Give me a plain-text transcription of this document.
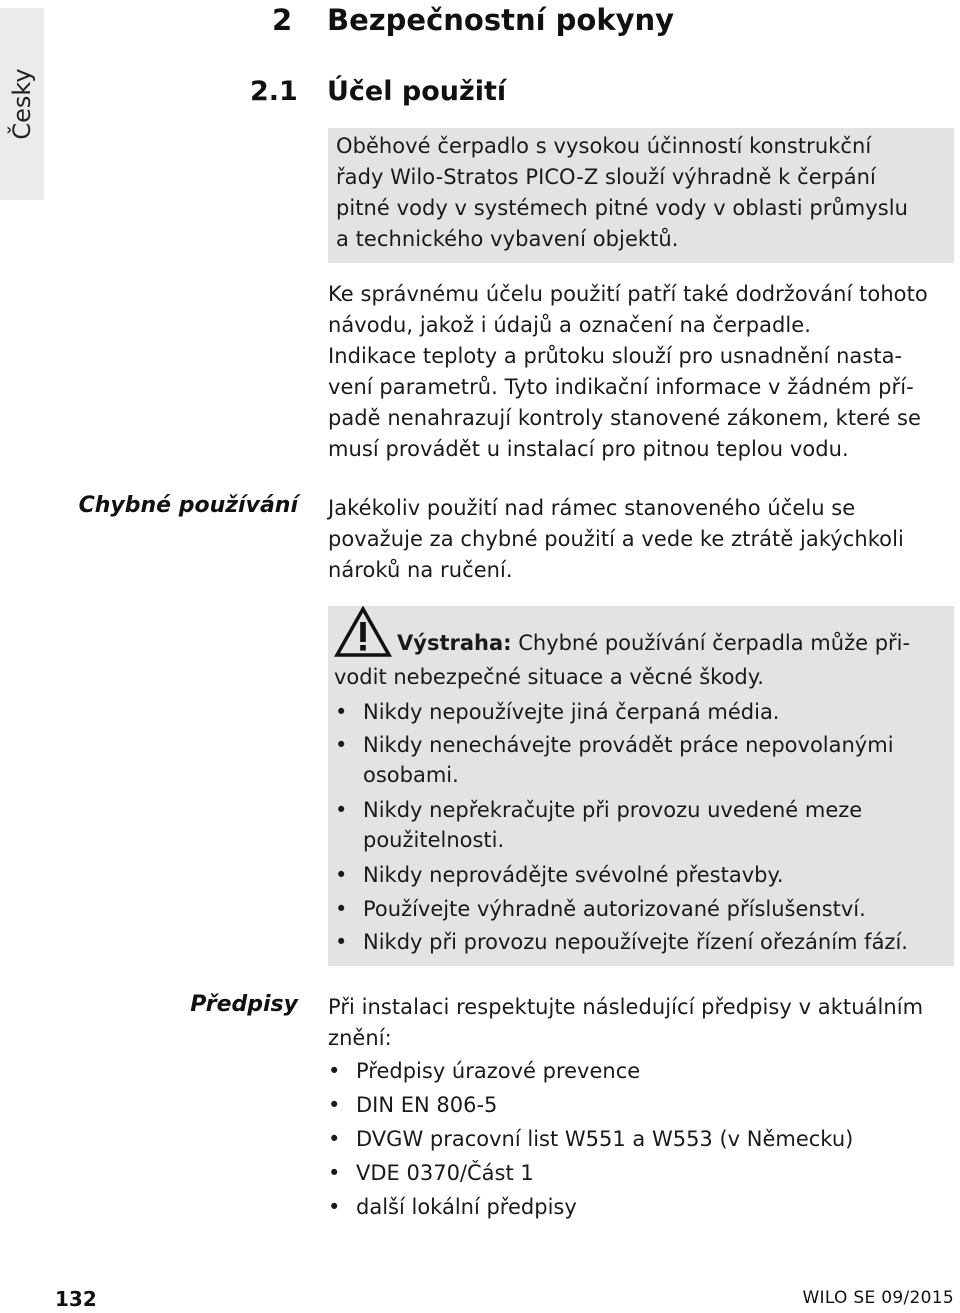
Česky
2 Bezpečnostní pokyny
2.1 Účel použití
Oběhové čerpadlo s vysokou účinností konstrukční
řady Wilo-Stratos PICO-Z slouží výhradně k čerpání
pitné vody v systémech pitné vody v oblasti průmyslu
a technického vybavení objektů.
Ke správnému účelu použití patří také dodržování tohoto
návodu, jakož i údajů a označení na čerpadle.
Indikace teploty a průtoku slouží pro usnadnění nasta-
vení parametrů. Tyto indikační informace v žádném pří-
padě nenahrazují kontroly stanovené zákonem, které se
musí provádět u instalací pro pitnou teplou vodu.
Chybné používání Jakékoliv použití nad rámec stanoveného účelu se
považuje za chybné použití a vede ke ztrátě jakýchkoli
nároků na ručení.
Výstraha: Chybné používání čerpadla může při-
vodit nebezpečné situace a věcné škody.
• Nikdy nepoužívejte jiná čerpaná média.
• Nikdy nenechávejte provádět práce nepovolanými
osobami.
• Nikdy nepřekračujte při provozu uvedené meze
použitelnosti.
• Nikdy neprovádějte svévolné přestavby.
• Používejte výhradně autorizované příslušenství.
• Nikdy při provozu nepoužívejte řízení ořezáním fází.
Předpisy Při instalaci respektujte následující předpisy v aktuálním
znění:
• Předpisy úrazové prevence
• DIN EN 806-5
• DVGW pracovní list W551 a W553 (v Německu)
• VDE 0370/Část 1
• další lokální předpisy
132	WILO SE 09/2015
